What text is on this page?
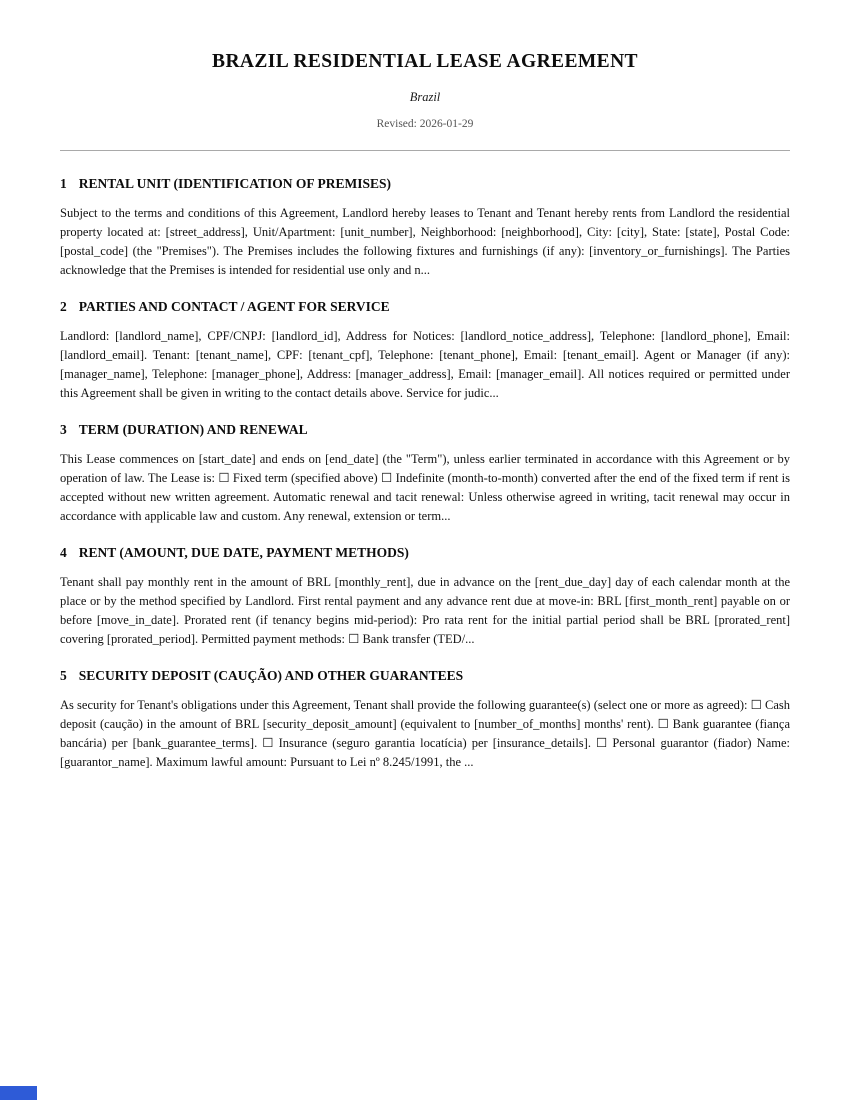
BRAZIL RESIDENTIAL LEASE AGREEMENT
Brazil
Revised: 2026-01-29
1 RENTAL UNIT (IDENTIFICATION OF PREMISES)

Subject to the terms and conditions of this Agreement, Landlord hereby leases to Tenant and Tenant hereby rents from Landlord the residential property located at: [street_address], Unit/Apartment: [unit_number], Neighborhood: [neighborhood], City: [city], State: [state], Postal Code: [postal_code] (the "Premises"). The Premises includes the following fixtures and furnishings (if any): [inventory_or_furnishings]. The Parties acknowledge that the Premises is intended for residential use only and n...

2 PARTIES AND CONTACT / AGENT FOR SERVICE

Landlord: [landlord_name], CPF/CNPJ: [landlord_id], Address for Notices: [landlord_notice_address], Telephone: [landlord_phone], Email: [landlord_email]. Tenant: [tenant_name], CPF: [tenant_cpf], Telephone: [tenant_phone], Email: [tenant_email]. Agent or Manager (if any): [manager_name], Telephone: [manager_phone], Address: [manager_address], Email: [manager_email]. All notices required or permitted under this Agreement shall be given in writing to the contact details above. Service for judic...

3 TERM (DURATION) AND RENEWAL

This Lease commences on [start_date] and ends on [end_date] (the "Term"), unless earlier terminated in accordance with this Agreement or by operation of law. The Lease is: ☐ Fixed term (specified above) ☐ Indefinite (month-to-month) converted after the end of the fixed term if rent is accepted without new written agreement. Automatic renewal and tacit renewal: Unless otherwise agreed in writing, tacit renewal may occur in accordance with applicable law and custom. Any renewal, extension or term...

4 RENT (AMOUNT, DUE DATE, PAYMENT METHODS)

Tenant shall pay monthly rent in the amount of BRL [monthly_rent], due in advance on the [rent_due_day] day of each calendar month at the place or by the method specified by Landlord. First rental payment and any advance rent due at move-in: BRL [first_month_rent] payable on or before [move_in_date]. Prorated rent (if tenancy begins mid-period): Pro rata rent for the initial partial period shall be BRL [prorated_rent] covering [prorated_period]. Permitted payment methods: ☐ Bank transfer (TED/...

5 SECURITY DEPOSIT (CAUÇÃO) AND OTHER GUARANTEES

As security for Tenant's obligations under this Agreement, Tenant shall provide the following guarantee(s) (select one or more as agreed): ☐ Cash deposit (caução) in the amount of BRL [security_deposit_amount] (equivalent to [number_of_months] months' rent). ☐ Bank guarantee (fiança bancária) per [bank_guarantee_terms]. ☐ Insurance (seguro garantia locatícia) per [insurance_details]. ☐ Personal guarantor (fiador) Name: [guarantor_name]. Maximum lawful amount: Pursuant to Lei nº 8.245/1991, the ...
